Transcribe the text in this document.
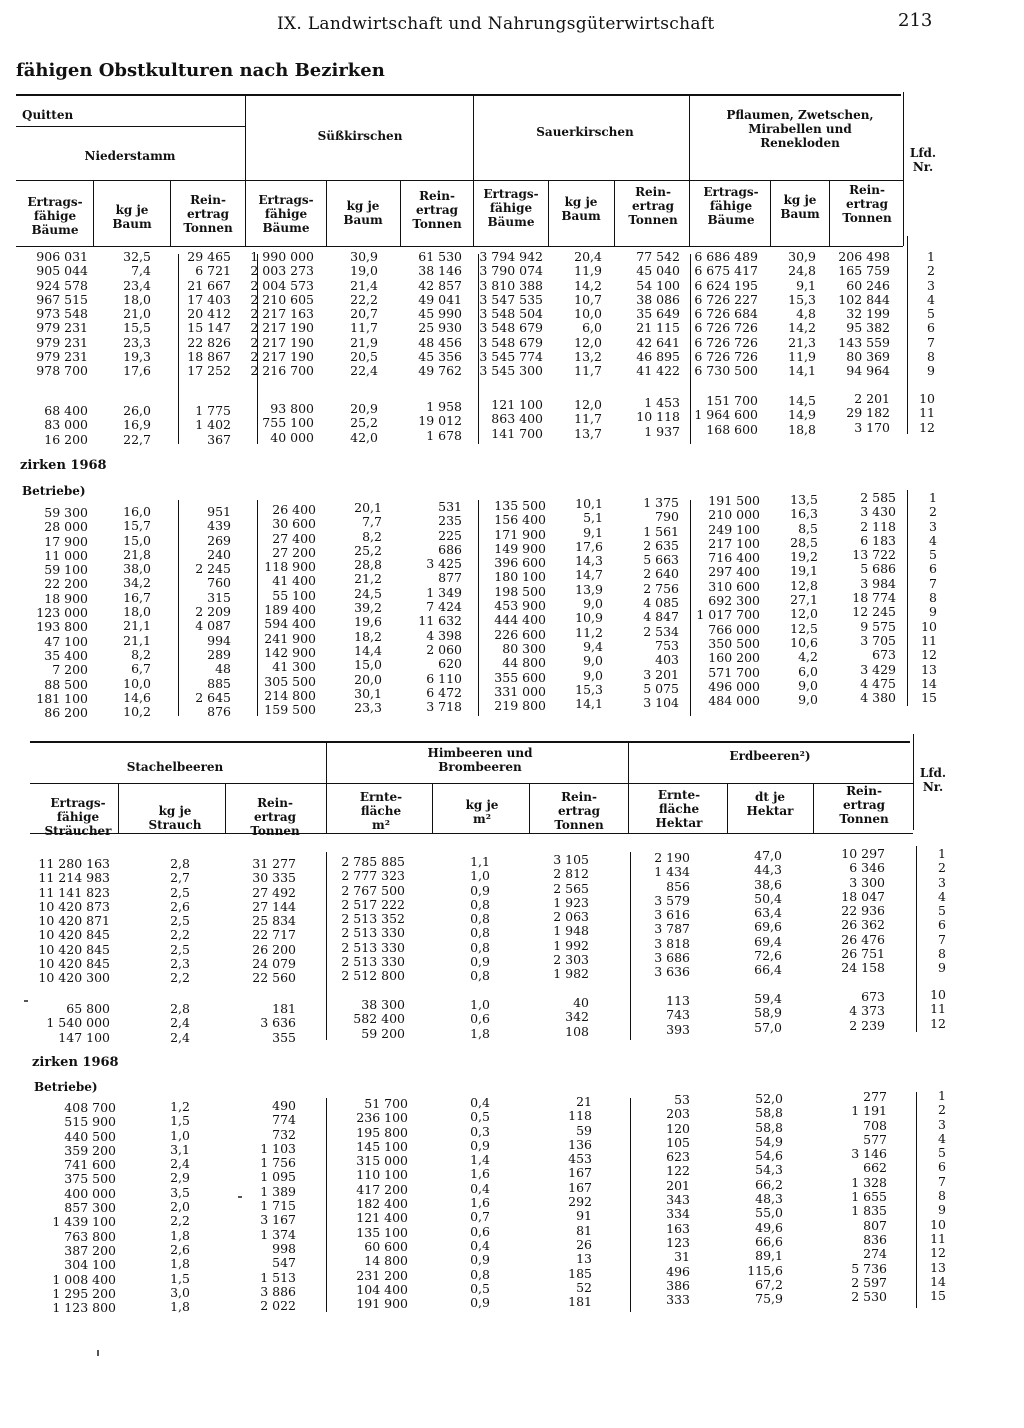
IX. Landwirtschaft und Nahrungsgüterwirtschaft	213
fähigen Obstkulturen nach Bezirken
Quitten
Niederstamm
Süßkirschen	Sauerkirschen
Pflaumen, Zwetschen,
Mirabellen und
Renekloden
Lfd.
Nr.
Ertrags-
fähige
Bäume
kg je
Baum
Rein-
ertrag
Tonnen
Ertrags-
fähige
Bäume
kg je
Baum
Rein-
ertrag
Tonnen
Ertrags-
fähige
Bäume
kg je
Baum
Rein-
ertrag
Tonnen
Ertrags-
fähige
Bäume
kg je
Baum
Rein-
ertrag
Tonnen
zirken 1968
Betriebe)
Stachelbeeren
Himbeeren und
Brombeeren
Erdbeeren²)
Lfd.
Nr.
Ertrags-
fähige
Sträucher
kg je
Strauch
Rein-
ertrag
Tonnen
Ernte-
fläche
m²
kg je
m²
Rein-
ertrag
Tonnen
Ernte-
fläche
Hektar
dt je
Hektar
Rein-
ertrag
Tonnen
zirken 1968
Betriebe)
906 031
905 044
924 578
967 515
973 548
979 231
979 231
979 231
978 700
32,5
7,4
23,4
18,0
21,0
15,5
23,3
19,3
17,6
29 465
6 721
21 667
17 403
20 412
15 147
22 826
18 867
17 252
1 990 000
2 003 273
2 004 573
2 210 605
2 217 163
2 217 190
2 217 190
2 217 190
2 216 700
30,9
19,0
21,4
22,2
20,7
11,7
21,9
20,5
22,4
61 530
38 146
42 857
49 041
45 990
25 930
48 456
45 356
49 762
3 794 942
3 790 074
3 810 388
3 547 535
3 548 504
3 548 679
3 548 679
3 545 774
3 545 300
20,4
11,9
14,2
10,7
10,0
6,0
12,0
13,2
11,7
77 542
45 040
54 100
38 086
35 649
21 115
42 641
46 895
41 422
6 686 489
6 675 417
6 624 195
6 726 227
6 726 684
6 726 726
6 726 726
6 726 726
6 730 500
30,9
24,8
9,1
15,3
4,8
14,2
21,3
11,9
14,1
206 498
165 759
60 246
102 844
32 199
95 382
143 559
80 369
94 964
1
2
3
4
5
6
7
8
9
68 400
83 000
16 200
26,0
16,9
22,7
1 775
1 402
367
93 800
755 100
40 000
20,9
25,2
42,0
1 958
19 012
1 678
121 100
863 400
141 700
12,0
11,7
13,7
1 453
10 118
1 937
151 700
1 964 600
168 600
14,5
14,9
18,8
2 201
29 182
3 170
10
11
12
59 300
28 000
17 900
11 000
59 100
22 200
18 900
123 000
193 800
47 100
35 400
7 200
88 500
181 100
86 200
16,0
15,7
15,0
21,8
38,0
34,2
16,7
18,0
21,1
21,1
8,2
6,7
10,0
14,6
10,2
951
439
269
240
2 245
760
315
2 209
4 087
994
289
48
885
2 645
876
26 400
30 600
27 400
27 200
118 900
41 400
55 100
189 400
594 400
241 900
142 900
41 300
305 500
214 800
159 500
20,1
7,7
8,2
25,2
28,8
21,2
24,5
39,2
19,6
18,2
14,4
15,0
20,0
30,1
23,3
531
235
225
686
3 425
877
1 349
7 424
11 632
4 398
2 060
620
6 110
6 472
3 718
135 500
156 400
171 900
149 900
396 600
180 100
198 500
453 900
444 400
226 600
80 300
44 800
355 600
331 000
219 800
10,1
5,1
9,1
17,6
14,3
14,7
13,9
9,0
10,9
11,2
9,4
9,0
9,0
15,3
14,1
1 375
790
1 561
2 635
5 663
2 640
2 756
4 085
4 847
2 534
753
403
3 201
5 075
3 104
191 500
210 000
249 100
217 100
716 400
297 400
310 600
692 300
1 017 700
766 000
350 500
160 200
571 700
496 000
484 000
13,5
16,3
8,5
28,5
19,2
19,1
12,8
27,1
12,0
12,5
10,6
4,2
6,0
9,0
9,0
2 585
3 430
2 118
6 183
13 722
5 686
3 984
18 774
12 245
9 575
3 705
673
3 429
4 475
4 380
1
2
3
4
5
6
7
8
9
10
11
12
13
14
15
11 280 163
11 214 983
11 141 823
10 420 873
10 420 871
10 420 845
10 420 845
10 420 845
10 420 300
2,8
2,7
2,5
2,6
2,5
2,2
2,5
2,3
2,2
31 277
30 335
27 492
27 144
25 834
22 717
26 200
24 079
22 560
2 785 885
2 777 323
2 767 500
2 517 222
2 513 352
2 513 330
2 513 330
2 513 330
2 512 800
1,1
1,0
0,9
0,8
0,8
0,8
0,8
0,9
0,8
3 105
2 812
2 565
1 923
2 063
1 948
1 992
2 303
1 982
2 190
1 434
856
3 579
3 616
3 787
3 818
3 686
3 636
47,0
44,3
38,6
50,4
63,4
69,6
69,4
72,6
66,4
10 297
6 346
3 300
18 047
22 936
26 362
26 476
26 751
24 158
1
2
3
4
5
6
7
8
9
65 800
1 540 000
147 100
2,8
2,4
2,4
181
3 636
355
38 300
582 400
59 200
1,0
0,6
1,8
40
342
108
113
743
393
59,4
58,9
57,0
673
4 373
2 239
10
11
12
408 700
515 900
440 500
359 200
741 600
375 500
400 000
857 300
1 439 100
763 800
387 200
304 100
1 008 400
1 295 200
1 123 800
1,2
1,5
1,0
3,1
2,4
2,9
3,5
2,0
2,2
1,8
2,6
1,8
1,5
3,0
1,8
490
774
732
1 103
1 756
1 095
1 389
1 715
3 167
1 374
998
547
1 513
3 886
2 022
51 700
236 100
195 800
145 100
315 000
110 100
417 200
182 400
121 400
135 100
60 600
14 800
231 200
104 400
191 900
0,4
0,5
0,3
0,9
1,4
1,6
0,4
1,6
0,7
0,6
0,4
0,9
0,8
0,5
0,9
21
118
59
136
453
167
167
292
91
81
26
13
185
52
181
53
203
120
105
623
122
201
343
334
163
123
31
496
386
333
52,0
58,8
58,8
54,9
54,6
54,3
66,2
48,3
55,0
49,6
66,6
89,1
115,6
67,2
75,9
277
1 191
708
577
3 146
662
1 328
1 655
1 835
807
836
274
5 736
2 597
2 530
1
2
3
4
5
6
7
8
9
10
11
12
13
14
15
